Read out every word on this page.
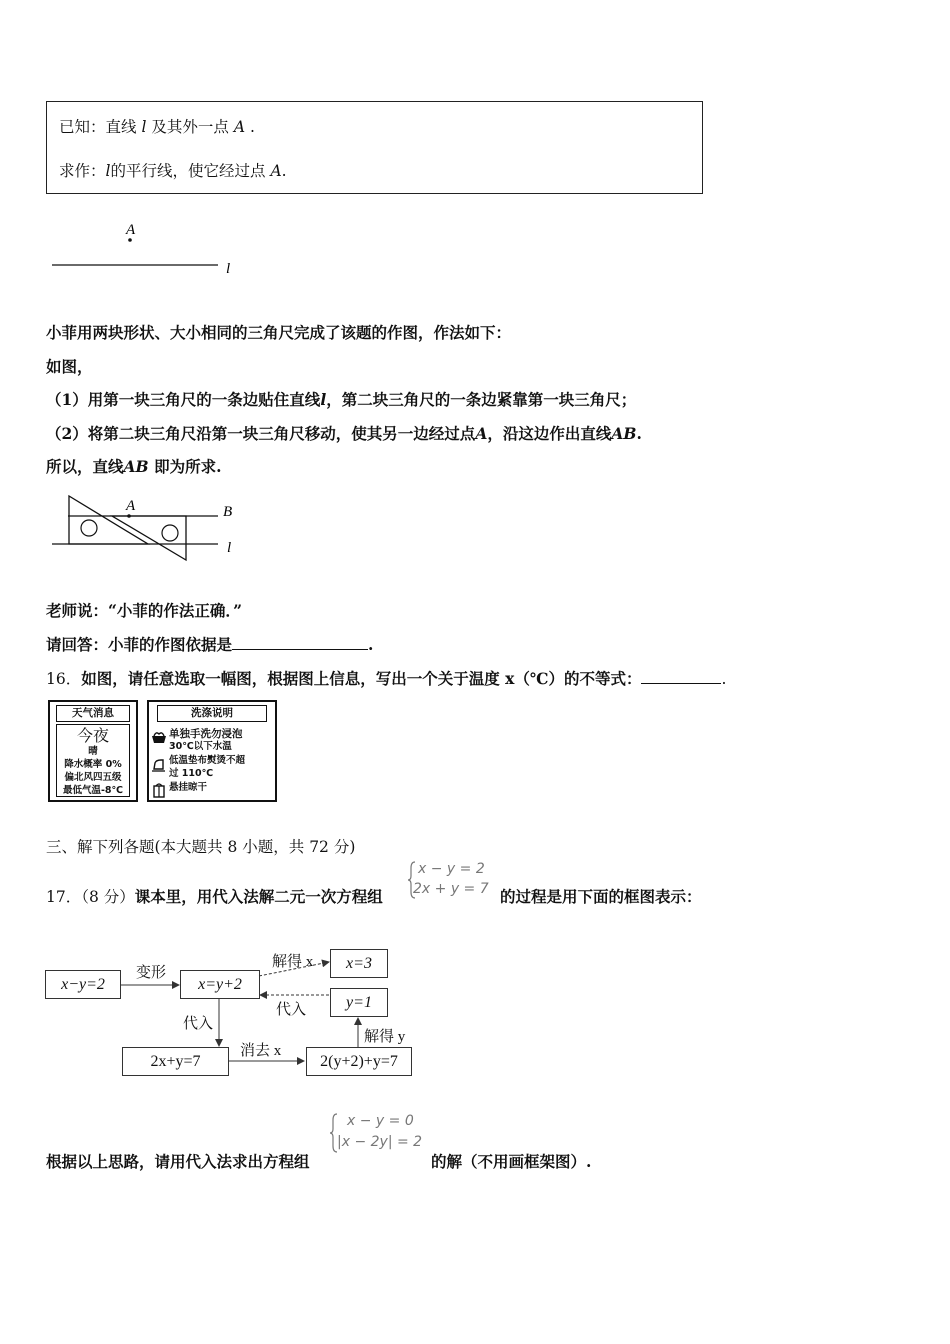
已知：直线 l 及其外一点 A .
求作：l的平行线，使它经过点 A.
A
l
小菲用两块形状、大小相同的三角尺完成了该题的作图，作法如下：
如图，
（1）用第一块三角尺的一条边贴住直线l，第二块三角尺的一条边紧靠第一块三角尺；
（2）将第二块三角尺沿第一块三角尺移动，使其另一边经过点A，沿这边作出直线AB.
所以，直线AB 即为所求.
A	B
l
老师说：“小菲的作法正确．”
请回答：小菲的作图依据是	.
16．如图，请任意选取一幅图，根据图上信息，写出一个关于温度 x（℃）的不等式：	.
天气消息
今夜
晴
降水概率 0%
偏北风四五级
最低气温-8℃
洗涤说明
单独手洗勿浸泡
30℃以下水温
低温垫布熨烫不超
过 110℃
悬挂晾干
三、解下列各题(本大题共 8 小题，共 72 分)
17．（8 分）课本里，用代入法解二元一次方程组
x − y = 2
2x + y = 7 的过程是用下面的框图表示：
x−y=2	x=y+2
x=3
y=1
2x+y=7	2(y+2)+y=7
变形
解得 x
代入
代入
消去 x
解得 y
根据以上思路，请用代入法求出方程组
x − y = 0
|x − 2y| = 2
的解（不用画框架图）.
